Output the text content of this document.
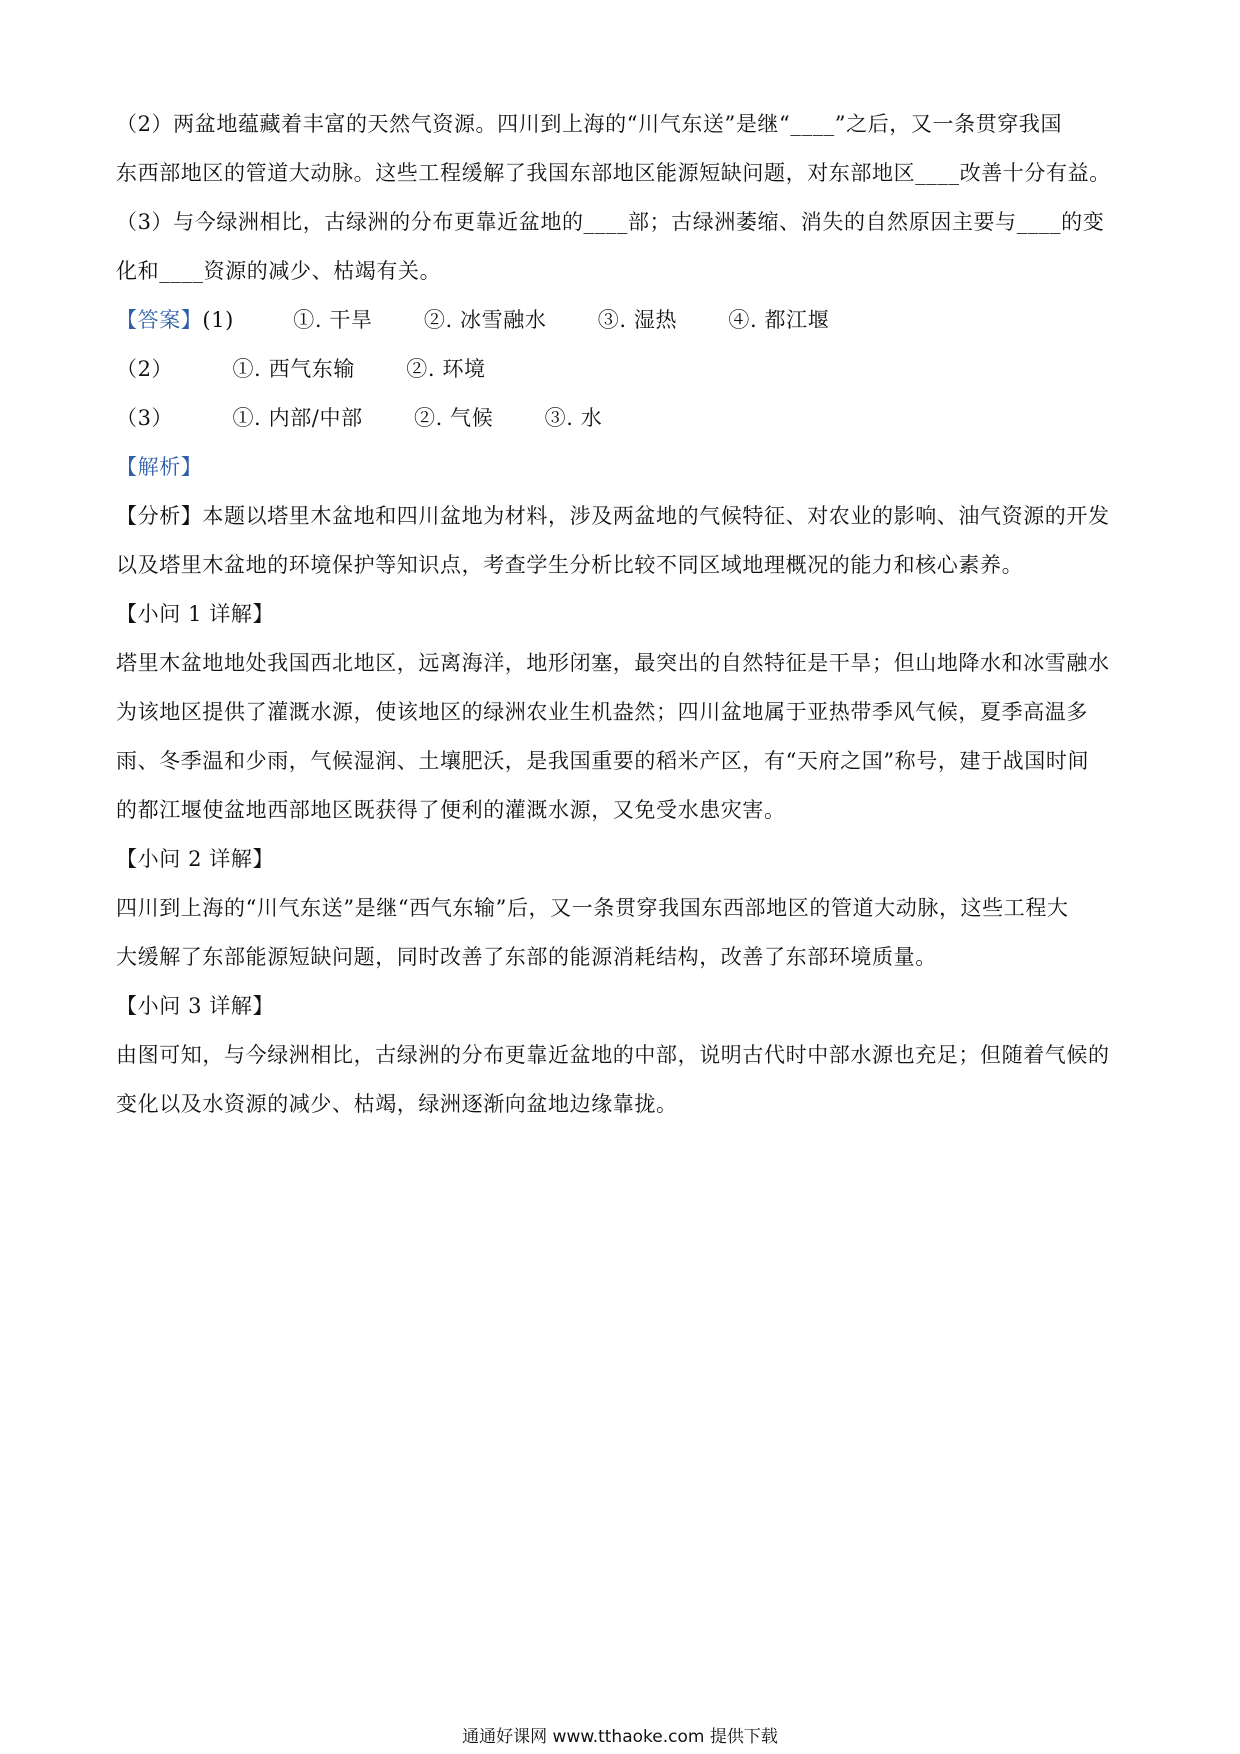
（2）两盆地蕴藏着丰富的天然气资源。四川到上海的“川气东送”是继“____”之后，又一条贯穿我国
东西部地区的管道大动脉。这些工程缓解了我国东部地区能源短缺问题，对东部地区____改善十分有益。
（3）与今绿洲相比，古绿洲的分布更靠近盆地的____部；古绿洲萎缩、消失的自然原因主要与____的变
化和____资源的减少、枯竭有关。
【答案】(1)	①. 干旱 ②. 冰雪融水 ③. 湿热 ④. 都江堰
（2）	①. 西气东输 ②. 环境
（3）	①. 内部/中部 ②. 气候 ③. 水
【解析】
【分析】本题以塔里木盆地和四川盆地为材料，涉及两盆地的气候特征、对农业的影响、油气资源的开发
以及塔里木盆地的环境保护等知识点，考查学生分析比较不同区域地理概况的能力和核心素养。
【小问 1 详解】
塔里木盆地地处我国西北地区，远离海洋，地形闭塞，最突出的自然特征是干旱；但山地降水和冰雪融水
为该地区提供了灌溉水源，使该地区的绿洲农业生机盎然；四川盆地属于亚热带季风气候，夏季高温多
雨、冬季温和少雨，气候湿润、土壤肥沃，是我国重要的稻米产区，有“天府之国”称号，建于战国时间
的都江堰使盆地西部地区既获得了便利的灌溉水源，又免受水患灾害。
【小问 2 详解】
四川到上海的“川气东送”是继“西气东输”后，又一条贯穿我国东西部地区的管道大动脉，这些工程大
大缓解了东部能源短缺问题，同时改善了东部的能源消耗结构，改善了东部环境质量。
【小问 3 详解】
由图可知，与今绿洲相比，古绿洲的分布更靠近盆地的中部，说明古代时中部水源也充足；但随着气候的
变化以及水资源的减少、枯竭，绿洲逐渐向盆地边缘靠拢。
通通好课网 www.tthaoke.com 提供下载
